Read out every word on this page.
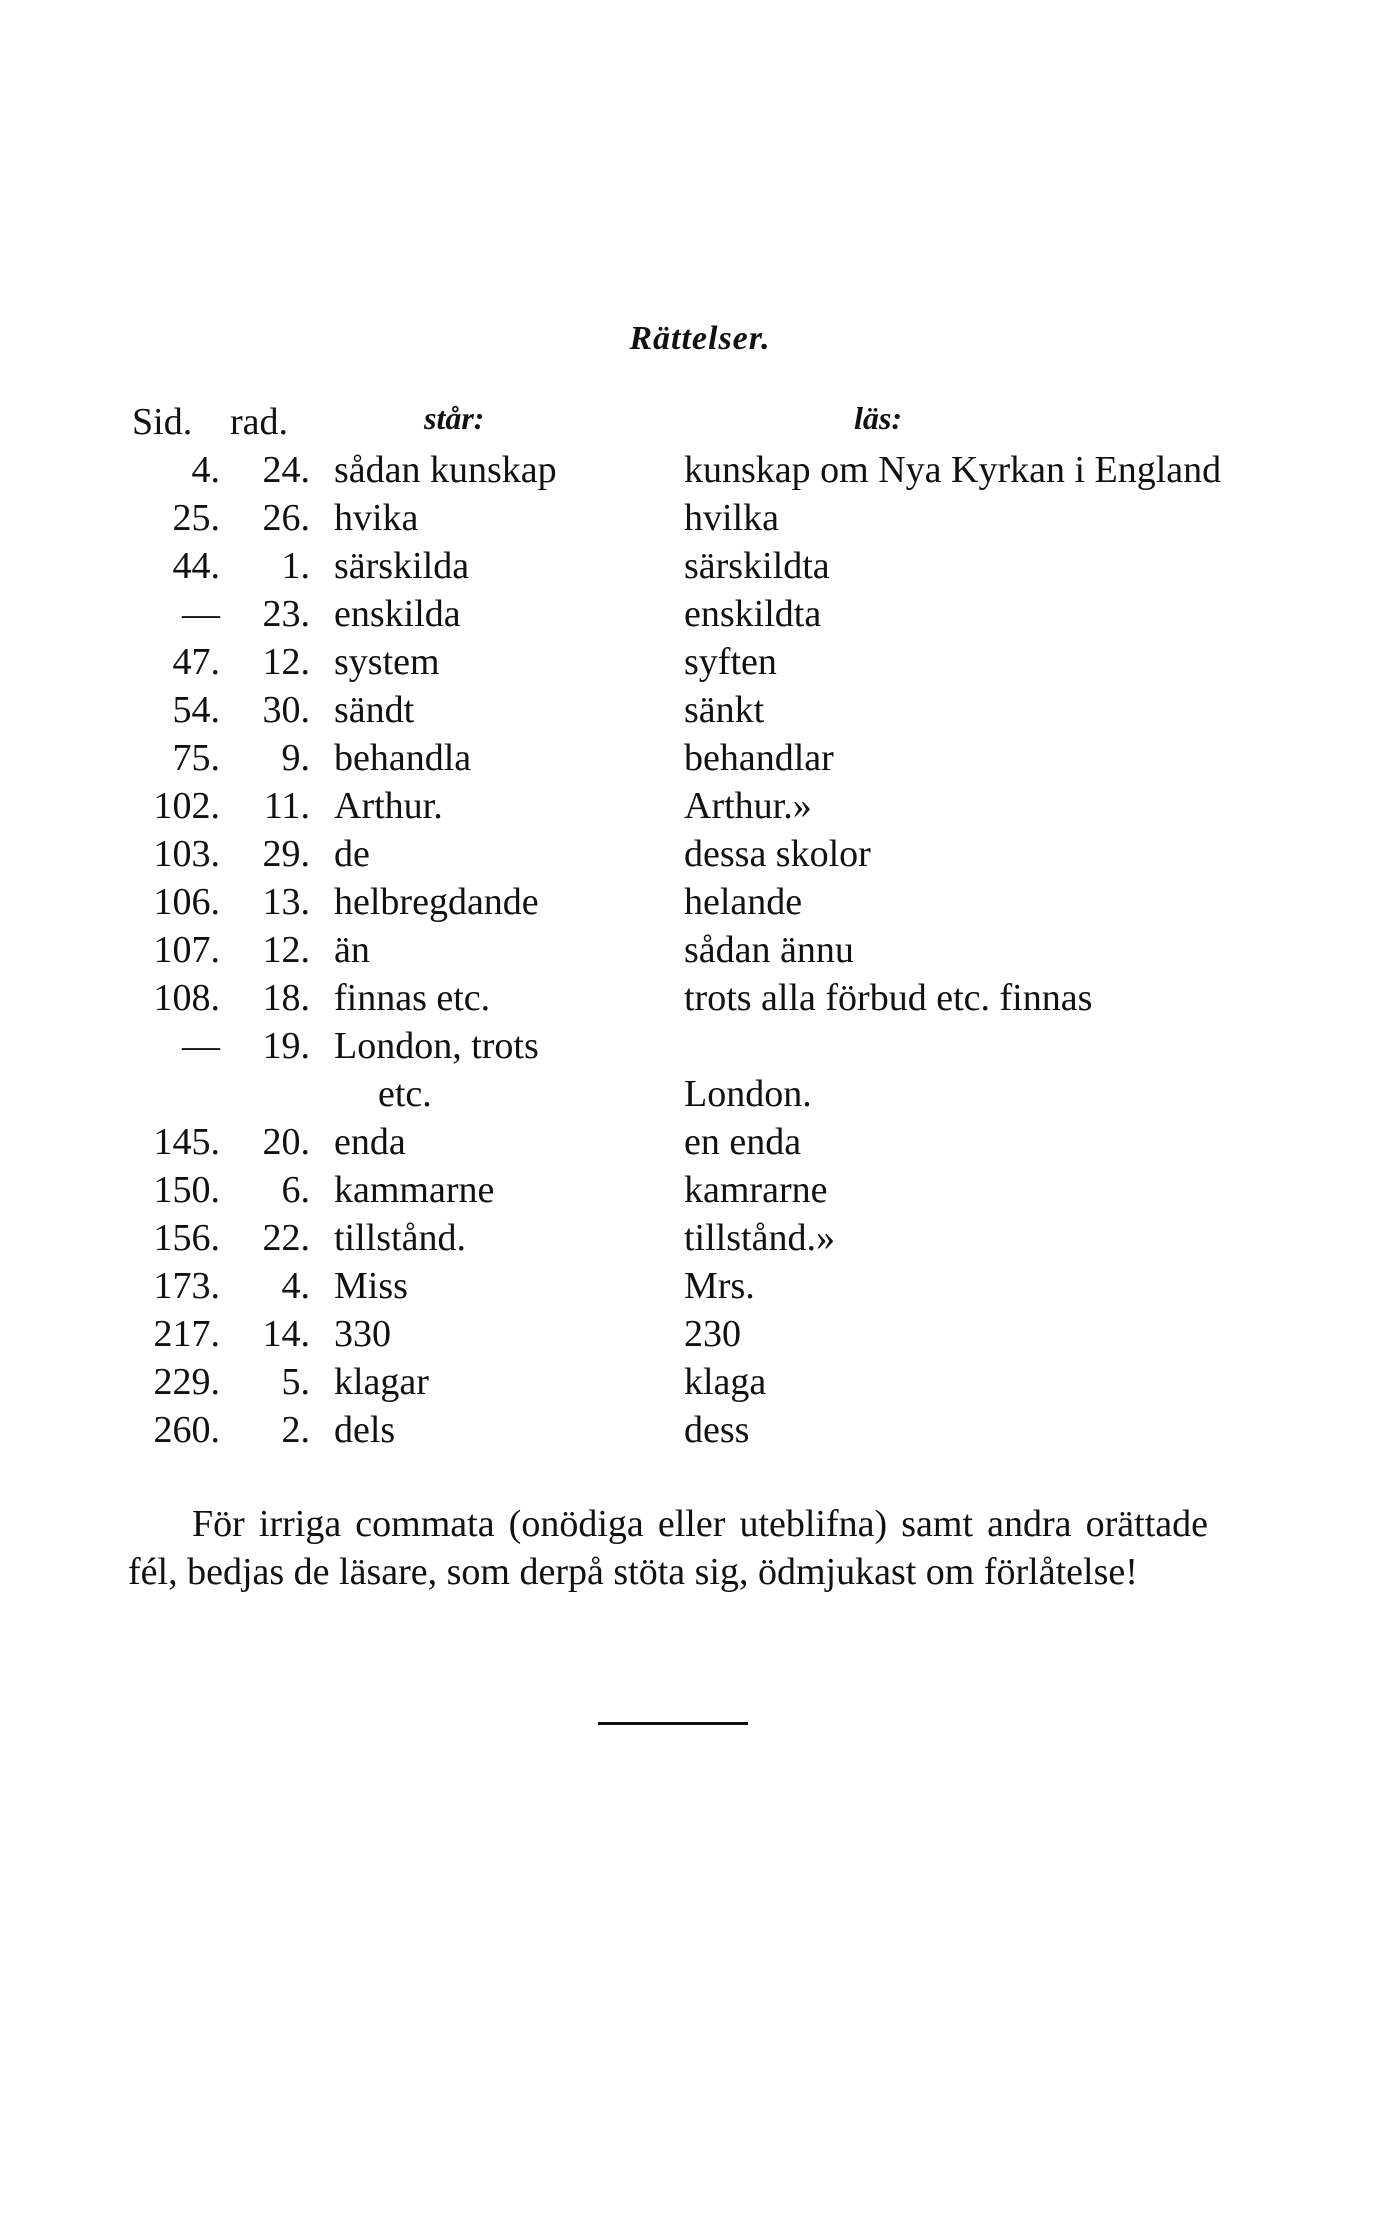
Rättelser.
Sid.	rad.	står:	läs:
4.	24.	sådan kunskap	kunskap om Nya Kyrkan i England
25.	26.	hvika	hvilka
44.	1.	särskilda	särskildta
—	23.	enskilda	enskildta
47.	12.	system	syften
54.	30.	sändt	sänkt
75.	9.	behandla	behandlar
102.	11.	Arthur.	Arthur.»
103.	29.	de	dessa skolor
106.	13.	helbregdande	helande
107.	12.	än	sådan ännu
108.	18.	finnas etc.	trots alla förbud etc. finnas
—	19.	London, trots	
		etc.	London.
145.	20.	enda	en enda
150.	6.	kammarne	kamrarne
156.	22.	tillstånd.	tillstånd.»
173.	4.	Miss	Mrs.
217.	14.	330	230
229.	5.	klagar	klaga
260.	2.	dels	dess
För irriga commata (onödiga eller uteblifna) samt andra orättade fél, bedjas de läsare, som derpå stöta sig, ödmjukast om förlåtelse!
